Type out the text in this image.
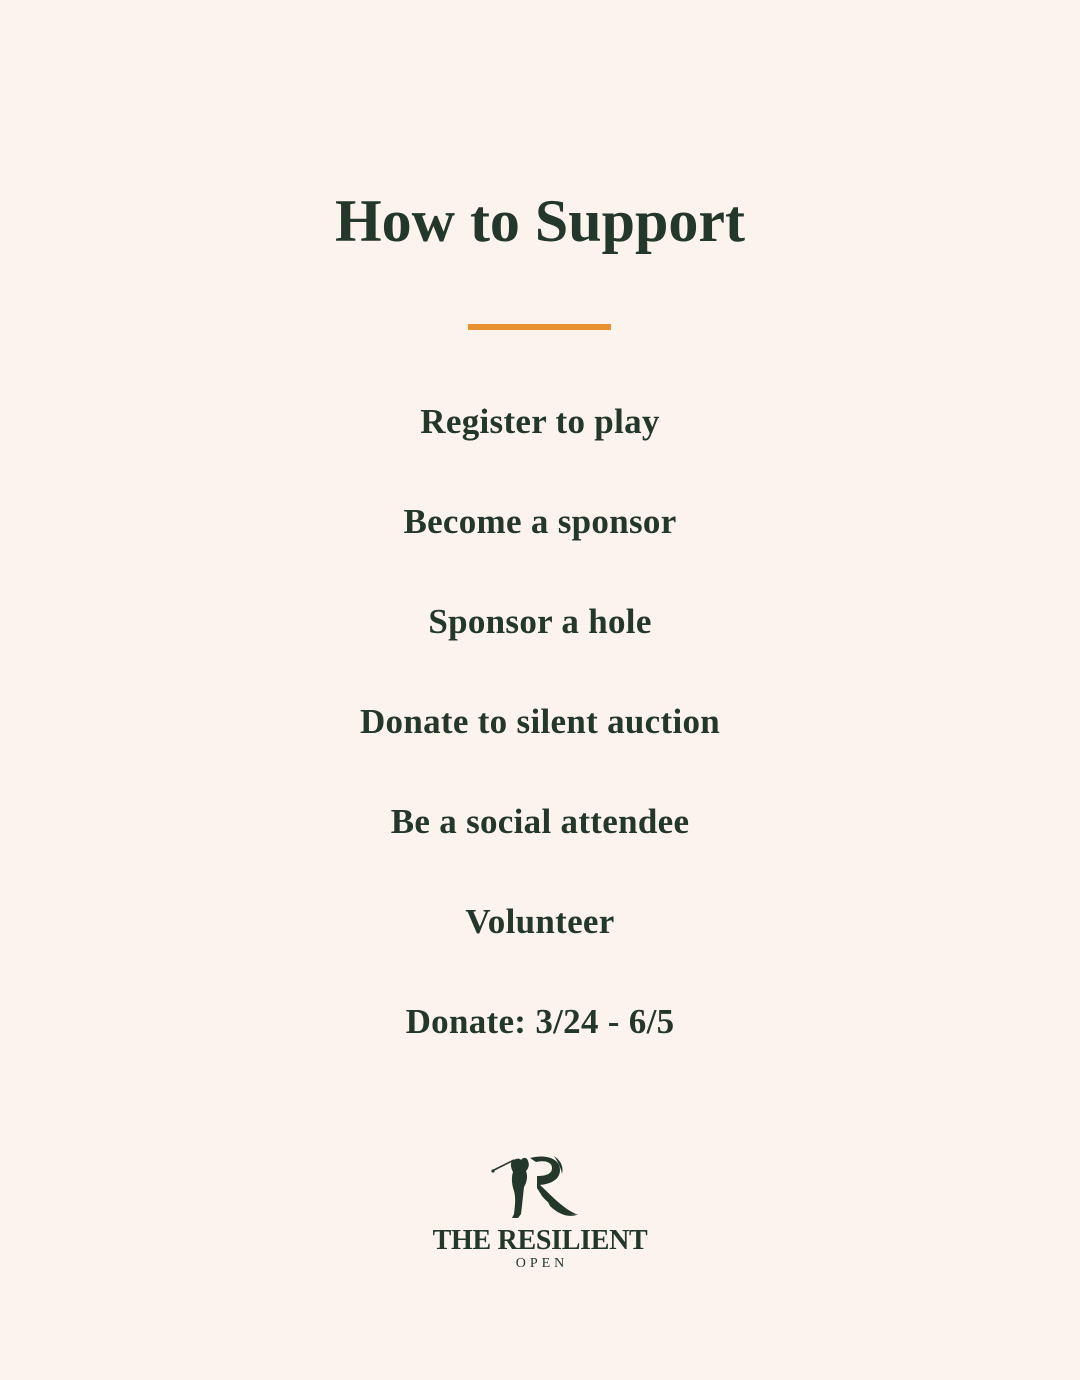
How to Support
Register to play
Become a sponsor
Sponsor a hole
Donate to silent auction
Be a social attendee
Volunteer
Donate: 3/24 - 6/5
THE RESILIENT
OPEN
